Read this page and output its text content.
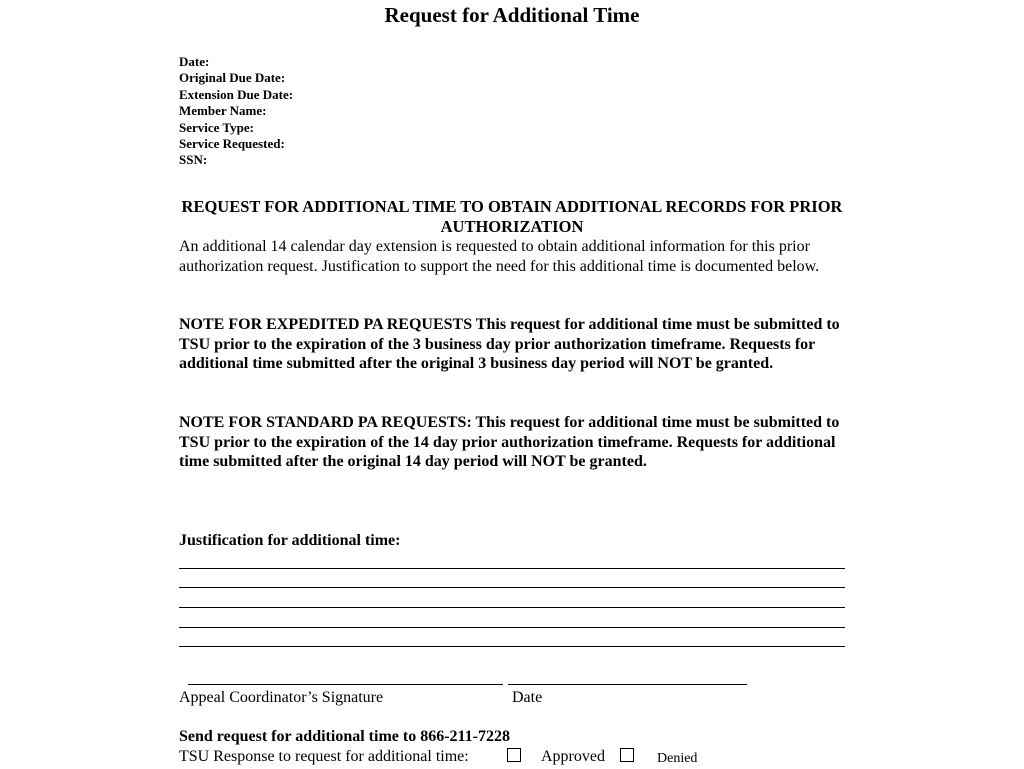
Request for Additional Time
Date:
Original Due Date:
Extension Due Date:
Member Name:
Service Type:
Service Requested:
SSN:
REQUEST FOR ADDITIONAL TIME TO OBTAIN ADDITIONAL RECORDS FOR PRIOR AUTHORIZATION
An additional 14 calendar day extension is requested to obtain additional information for this prior authorization request. Justification to support the need for this additional time is documented below.
NOTE FOR EXPEDITED PA REQUESTS This request for additional time must be submitted to TSU prior to the expiration of the 3 business day prior authorization timeframe. Requests for additional time submitted after the original 3 business day period will NOT be granted.
NOTE FOR STANDARD PA REQUESTS: This request for additional time must be submitted to TSU prior to the expiration of the 14 day prior authorization timeframe. Requests for additional time submitted after the original 14 day period will NOT be granted.
Justification for additional time:
Appeal Coordinator’s Signature	Date
Send request for additional time to 866-211-7228
TSU Response to request for additional time:	Approved	Denied
